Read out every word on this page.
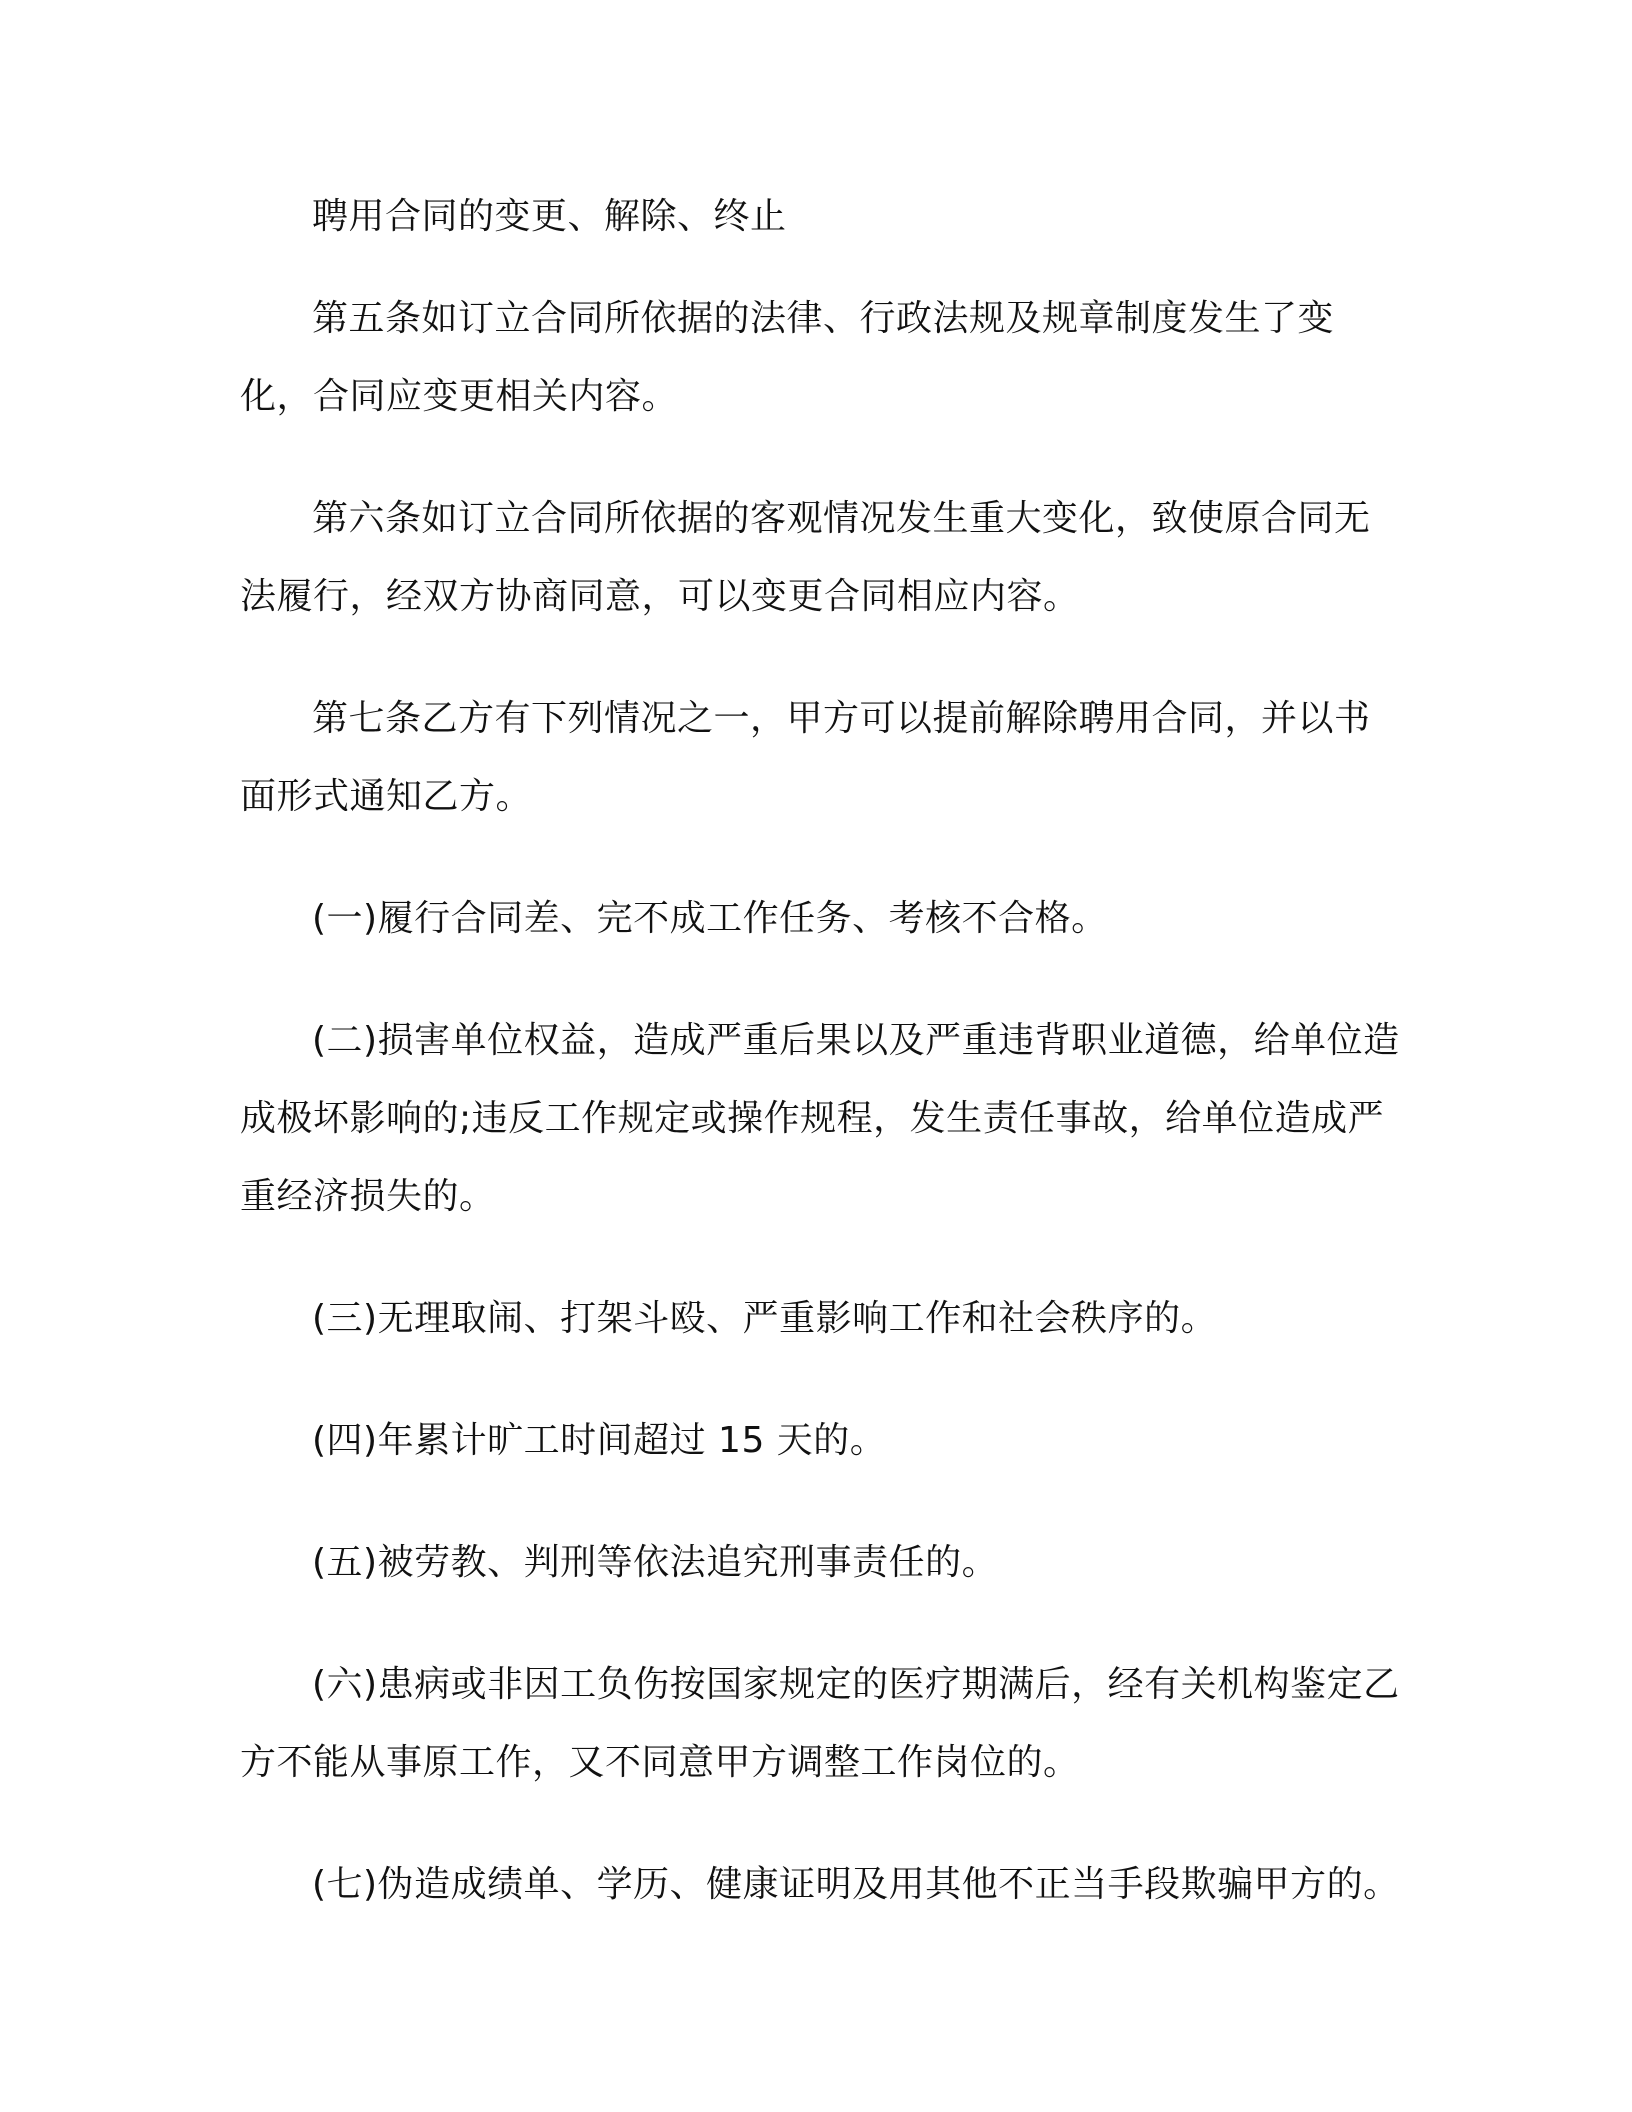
聘用合同的变更、解除、终止

第五条如订立合同所依据的法律、行政法规及规章制度发生了变化，合同应变更相关内容。

第六条如订立合同所依据的客观情况发生重大变化，致使原合同无法履行，经双方协商同意，可以变更合同相应内容。

第七条乙方有下列情况之一，甲方可以提前解除聘用合同，并以书面形式通知乙方。

(一)履行合同差、完不成工作任务、考核不合格。

(二)损害单位权益，造成严重后果以及严重违背职业道德，给单位造成极坏影响的;违反工作规定或操作规程，发生责任事故，给单位造成严重经济损失的。

(三)无理取闹、打架斗殴、严重影响工作和社会秩序的。

(四)年累计旷工时间超过 15 天的。

(五)被劳教、判刑等依法追究刑事责任的。

(六)患病或非因工负伤按国家规定的医疗期满后，经有关机构鉴定乙方不能从事原工作，又不同意甲方调整工作岗位的。

(七)伪造成绩单、学历、健康证明及用其他不正当手段欺骗甲方的。
